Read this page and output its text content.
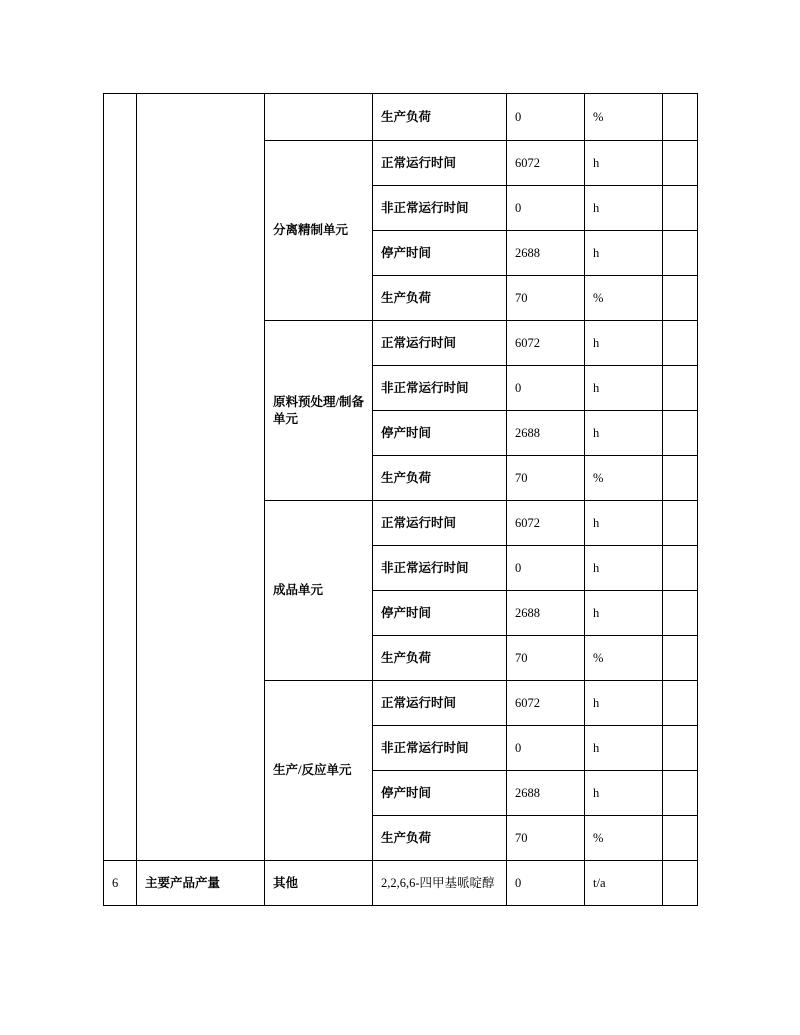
			生产负荷	0	%	
		分离精制单元	正常运行时间	6072	h	
			非正常运行时间	0	h	
			停产时间	2688	h	
			生产负荷	70	%	
		原料预处理/制备单元	正常运行时间	6072	h	
			非正常运行时间	0	h	
			停产时间	2688	h	
			生产负荷	70	%	
		成品单元	正常运行时间	6072	h	
			非正常运行时间	0	h	
			停产时间	2688	h	
			生产负荷	70	%	
		生产/反应单元	正常运行时间	6072	h	
			非正常运行时间	0	h	
			停产时间	2688	h	
			生产负荷	70	%	
6	主要产品产量	其他	2,2,6,6-四甲基哌啶醇	0	t/a	
